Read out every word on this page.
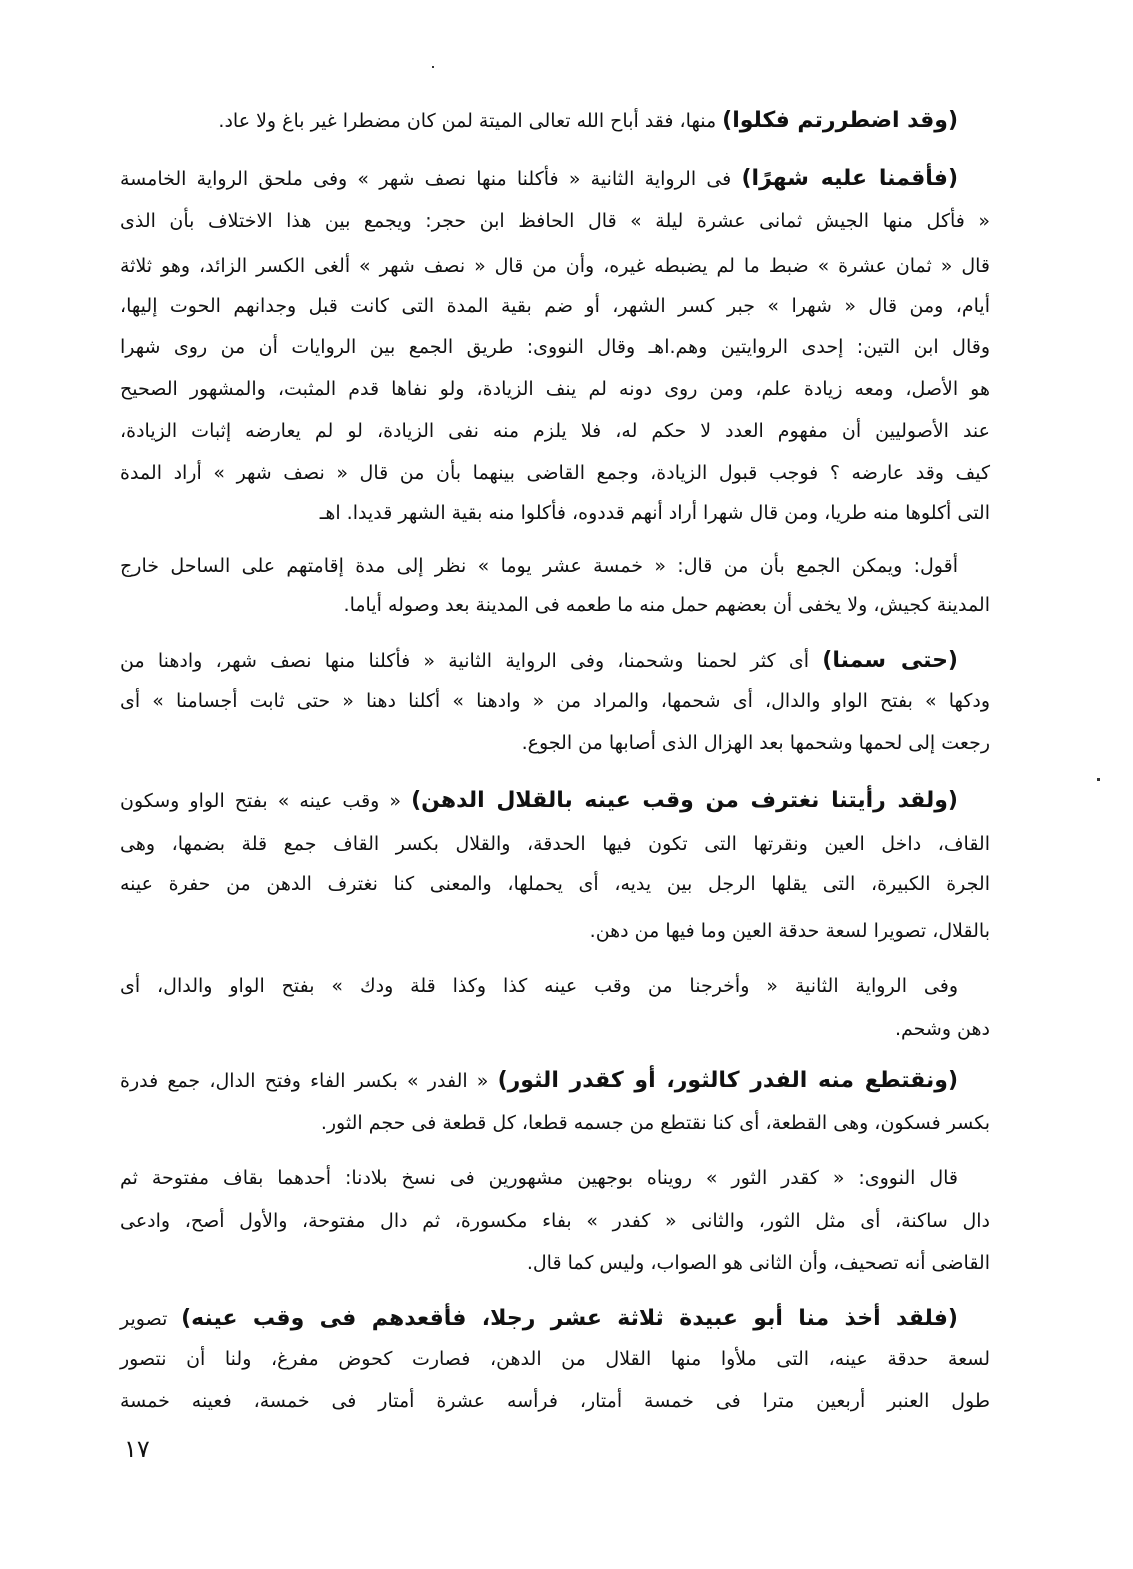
١٧
(وقد اضطررتم فكلوا) منها، فقد أباح الله تعالى الميتة لمن كان مضطرا غير باغ ولا عاد.
(فأقمنا عليه شهرًا) فى الرواية الثانية « فأكلنا منها نصف شهر » وفى ملحق الرواية الخامسة
« فأكل منها الجيش ثمانى عشرة ليلة » قال الحافظ ابن حجر: ويجمع بين هذا الاختلاف بأن الذى
قال « ثمان عشرة » ضبط ما لم يضبطه غيره، وأن من قال « نصف شهر » ألغى الكسر الزائد، وهو ثلاثة
أيام، ومن قال « شهرا » جبر كسر الشهر، أو ضم بقية المدة التى كانت قبل وجدانهم الحوت إليها،
وقال ابن التين: إحدى الروايتين وهم.اهـ وقال النووى: طريق الجمع بين الروايات أن من روى شهرا
هو الأصل، ومعه زيادة علم، ومن روى دونه لم ينف الزيادة، ولو نفاها قدم المثبت، والمشهور الصحيح
عند الأصوليين أن مفهوم العدد لا حكم له، فلا يلزم منه نفى الزيادة، لو لم يعارضه إثبات الزيادة،
كيف وقد عارضه ؟ فوجب قبول الزيادة، وجمع القاضى بينهما بأن من قال « نصف شهر » أراد المدة
التى أكلوها منه طريا، ومن قال شهرا أراد أنهم قددوه، فأكلوا منه بقية الشهر قديدا. اهـ
أقول: ويمكن الجمع بأن من قال: « خمسة عشر يوما » نظر إلى مدة إقامتهم على الساحل خارج
المدينة كجيش، ولا يخفى أن بعضهم حمل منه ما طعمه فى المدينة بعد وصوله أياما.
(حتى سمنا) أى كثر لحمنا وشحمنا، وفى الرواية الثانية « فأكلنا منها نصف شهر، وادهنا من
ودكها » بفتح الواو والدال، أى شحمها، والمراد من « وادهنا » أكلنا دهنا « حتى ثابت أجسامنا » أى
رجعت إلى لحمها وشحمها بعد الهزال الذى أصابها من الجوع.
(ولقد رأيتنا نغترف من وقب عينه بالقلال الدهن) « وقب عينه » بفتح الواو وسكون
القاف، داخل العين ونقرتها التى تكون فيها الحدقة، والقلال بكسر القاف جمع قلة بضمها، وهى
الجرة الكبيرة، التى يقلها الرجل بين يديه، أى يحملها، والمعنى كنا نغترف الدهن من حفرة عينه
بالقلال، تصويرا لسعة حدقة العين وما فيها من دهن.
وفى الرواية الثانية « وأخرجنا من وقب عينه كذا وكذا قلة ودك » بفتح الواو والدال، أى
دهن وشحم.
(ونقتطع منه الفدر كالثور، أو كقدر الثور) « الفدر » بكسر الفاء وفتح الدال، جمع فدرة
بكسر فسكون، وهى القطعة، أى كنا نقتطع من جسمه قطعا، كل قطعة فى حجم الثور.
قال النووى: « كقدر الثور » رويناه بوجهين مشهورين فى نسخ بلادنا: أحدهما بقاف مفتوحة ثم
دال ساكنة، أى مثل الثور، والثانى « كفدر » بفاء مكسورة، ثم دال مفتوحة، والأول أصح، وادعى
القاضى أنه تصحيف، وأن الثانى هو الصواب، وليس كما قال.
(فلقد أخذ منا أبو عبيدة ثلاثة عشر رجلا، فأقعدهم فى وقب عينه) تصوير
لسعة حدقة عينه، التى ملأوا منها القلال من الدهن، فصارت كحوض مفرغ، ولنا أن نتصور
طول العنبر أربعين مترا فى خمسة أمتار، فرأسه عشرة أمتار فى خمسة، فعينه خمسة
